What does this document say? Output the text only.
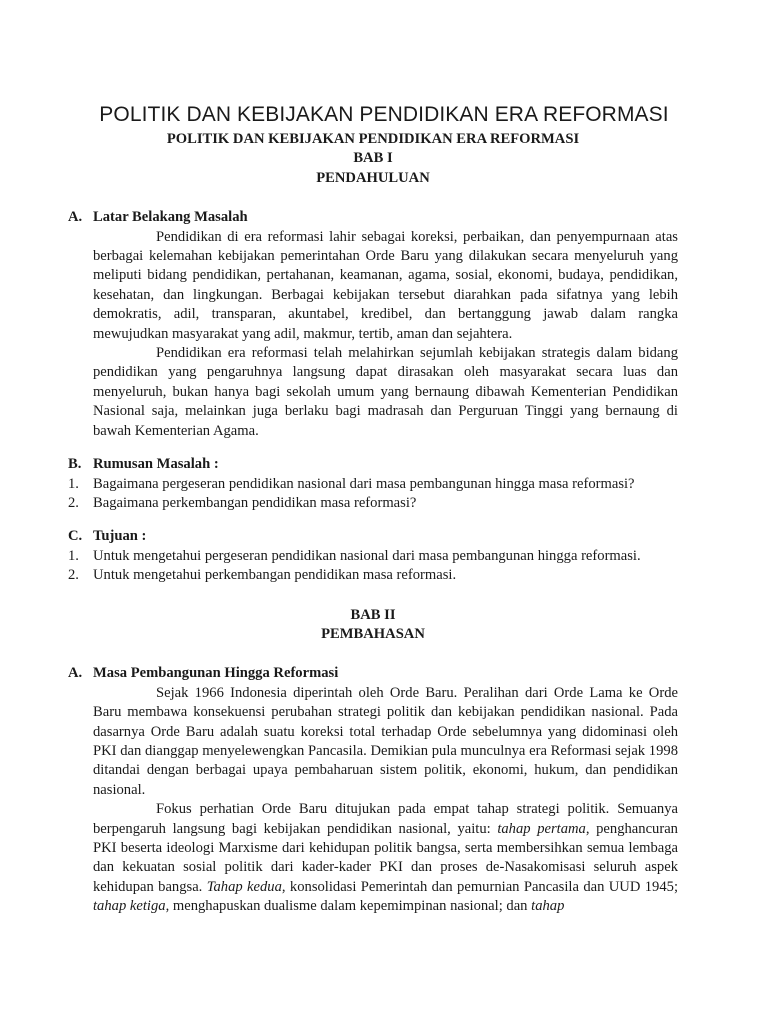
POLITIK DAN KEBIJAKAN PENDIDIKAN ERA REFORMASI
POLITIK DAN KEBIJAKAN PENDIDIKAN ERA REFORMASI
BAB I
PENDAHULUAN
A. Latar Belakang Masalah

Pendidikan di era reformasi lahir sebagai koreksi, perbaikan, dan penyempurnaan atas berbagai kelemahan kebijakan pemerintahan Orde Baru yang dilakukan secara menyeluruh yang meliputi bidang pendidikan, pertahanan, keamanan, agama, sosial, ekonomi, budaya, pendidikan, kesehatan, dan lingkungan. Berbagai kebijakan tersebut diarahkan pada sifatnya yang lebih demokratis, adil, transparan, akuntabel, kredibel, dan bertanggung jawab dalam rangka mewujudkan masyarakat yang adil, makmur, tertib, aman dan sejahtera.

Pendidikan era reformasi telah melahirkan sejumlah kebijakan strategis dalam bidang pendidikan yang pengaruhnya langsung dapat dirasakan oleh masyarakat secara luas dan menyeluruh, bukan hanya bagi sekolah umum yang bernaung dibawah Kementerian Pendidikan Nasional saja, melainkan juga berlaku bagi madrasah dan Perguruan Tinggi yang bernaung di bawah Kementerian Agama.

B. Rumusan Masalah :
1. Bagaimana pergeseran pendidikan nasional dari masa pembangunan hingga masa reformasi?
2. Bagaimana perkembangan pendidikan masa reformasi?
C. Tujuan :
1. Untuk mengetahui pergeseran pendidikan nasional dari masa pembangunan hingga reformasi.
2. Untuk mengetahui perkembangan pendidikan masa reformasi.
BAB II
PEMBAHASAN
A. Masa Pembangunan Hingga Reformasi

Sejak 1966 Indonesia diperintah oleh Orde Baru. Peralihan dari Orde Lama ke Orde Baru membawa konsekuensi perubahan strategi politik dan kebijakan pendidikan nasional. Pada dasarnya Orde Baru adalah suatu koreksi total terhadap Orde sebelumnya yang didominasi oleh PKI dan dianggap menyelewengkan Pancasila. Demikian pula munculnya era Reformasi sejak 1998 ditandai dengan berbagai upaya pembaharuan sistem politik, ekonomi, hukum, dan pendidikan nasional.

Fokus perhatian Orde Baru ditujukan pada empat tahap strategi politik. Semuanya berpengaruh langsung bagi kebijakan pendidikan nasional, yaitu: tahap pertama, penghancuran PKI beserta ideologi Marxisme dari kehidupan politik bangsa, serta membersihkan semua lembaga dan kekuatan sosial politik dari kader-kader PKI dan proses de-Nasakomisasi seluruh aspek kehidupan bangsa. Tahap kedua, konsolidasi Pemerintah dan pemurnian Pancasila dan UUD 1945; tahap ketiga, menghapuskan dualisme dalam kepemimpinan nasional; dan tahap
